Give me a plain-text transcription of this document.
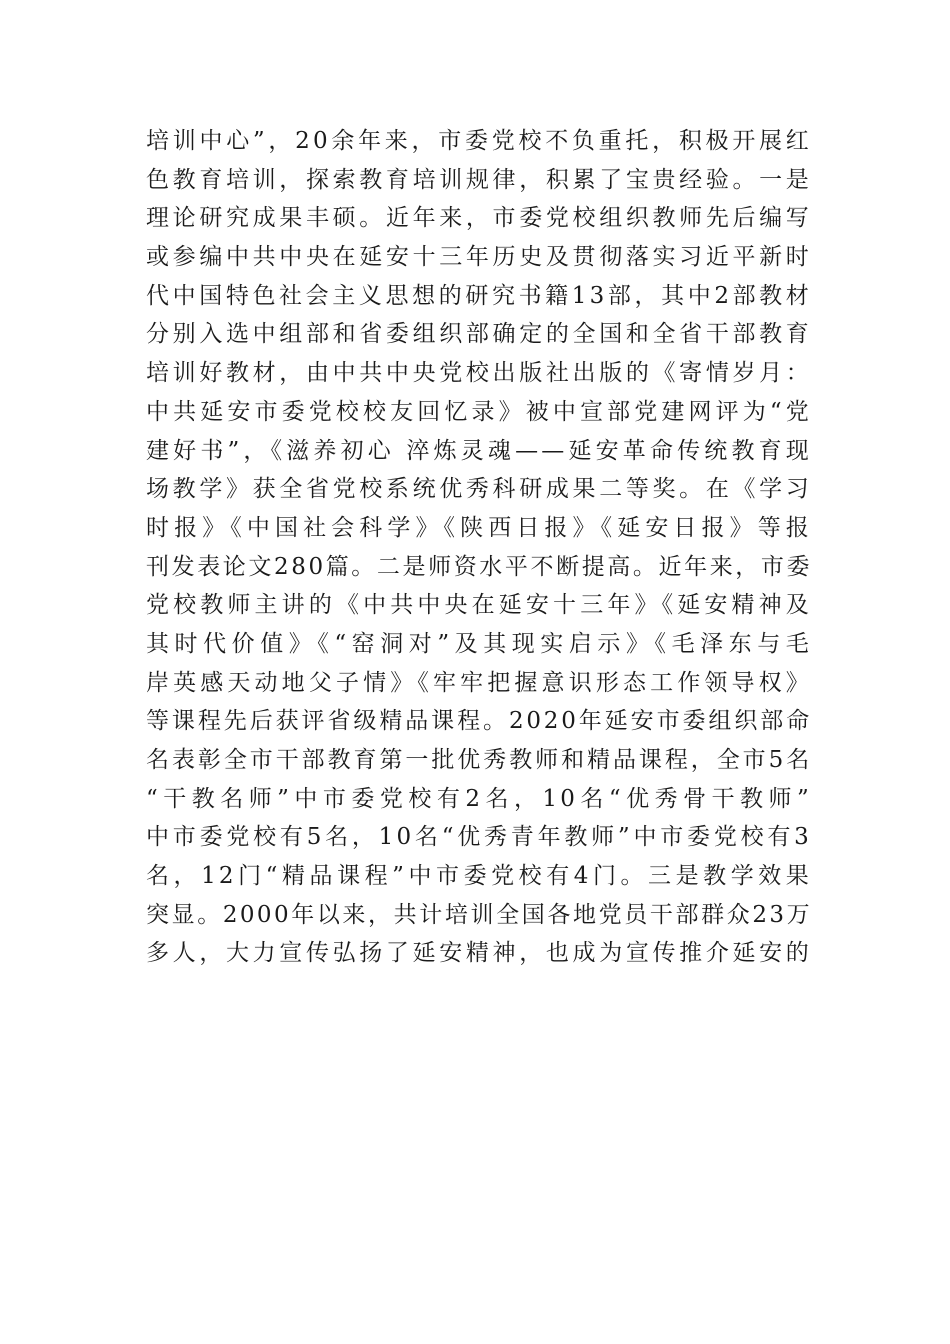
培训中心”，20余年来，市委党校不负重托，积极开展红
色教育培训，探索教育培训规律，积累了宝贵经验。一是
理论研究成果丰硕。近年来，市委党校组织教师先后编写
或参编中共中央在延安十三年历史及贯彻落实习近平新时
代中国特色社会主义思想的研究书籍13部，其中2部教材
分别入选中组部和省委组织部确定的全国和全省干部教育
培训好教材，由中共中央党校出版社出版的《寄情岁月：
中共延安市委党校校友回忆录》被中宣部党建网评为“党
建好书”，《滋养初心 淬炼灵魂——延安革命传统教育现
场教学》获全省党校系统优秀科研成果二等奖。在《学习
时报》《中国社会科学》《陕西日报》《延安日报》等报
刊发表论文280篇。二是师资水平不断提高。近年来，市委
党校教师主讲的《中共中央在延安十三年》《延安精神及
其时代价值》《“窑洞对”及其现实启示》《毛泽东与毛
岸英感天动地父子情》《牢牢把握意识形态工作领导权》
等课程先后获评省级精品课程。2020年延安市委组织部命
名表彰全市干部教育第一批优秀教师和精品课程，全市5名
“干教名师”中市委党校有2名，10名“优秀骨干教师”
中市委党校有5名，10名“优秀青年教师”中市委党校有3
名，12门“精品课程”中市委党校有4门。三是教学效果
突显。2000年以来，共计培训全国各地党员干部群众23万
多人，大力宣传弘扬了延安精神，也成为宣传推介延安的
